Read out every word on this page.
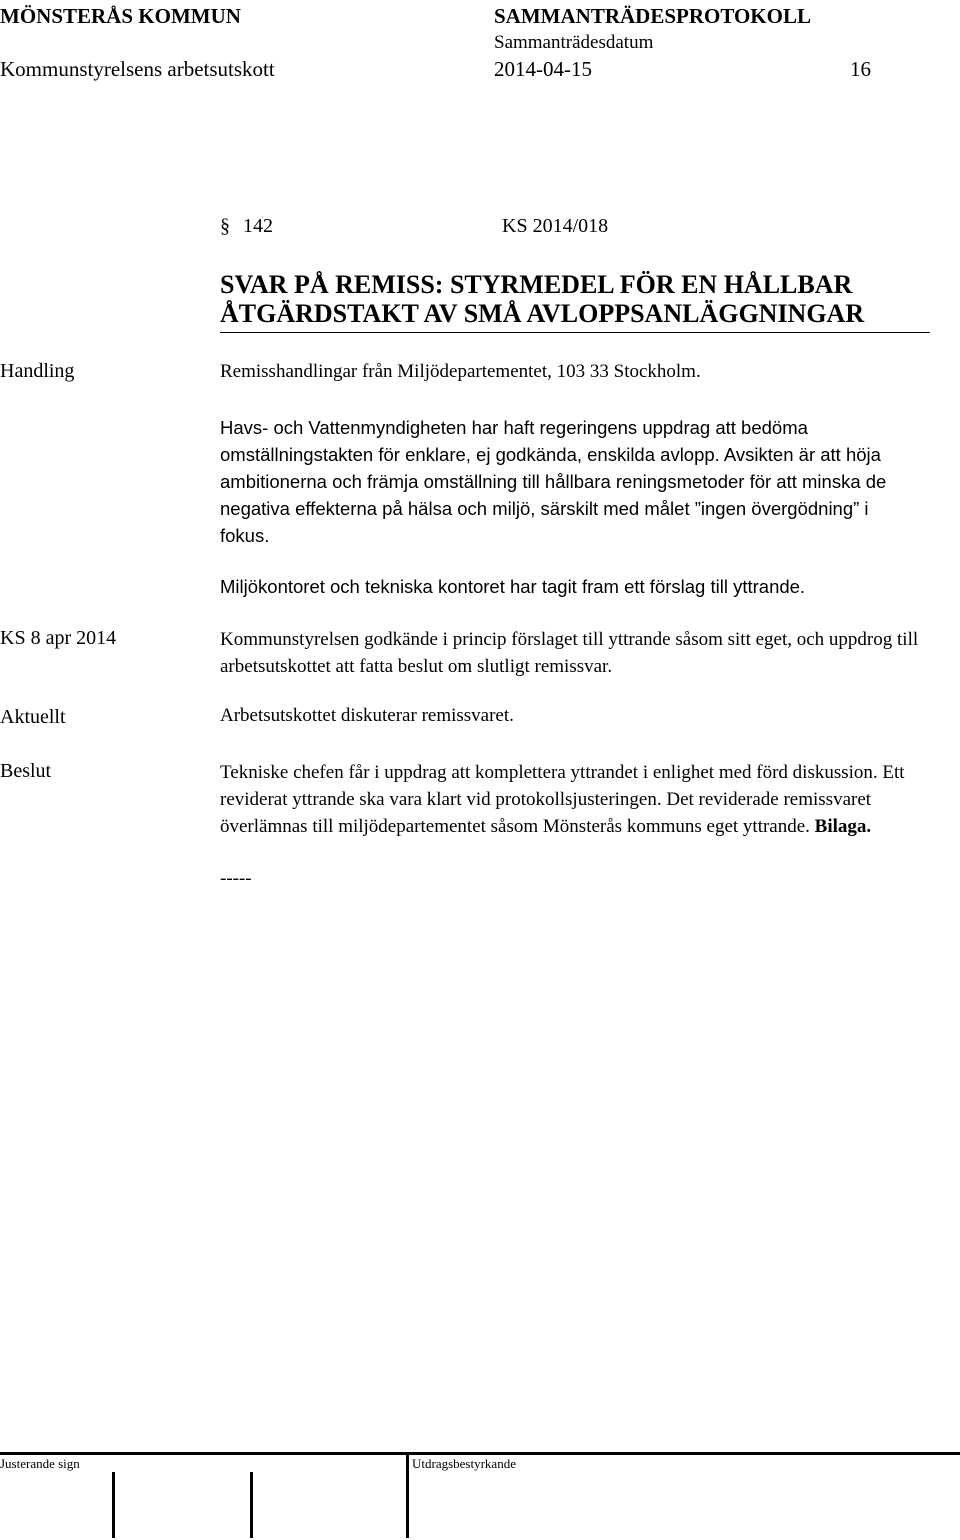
MÖNSTERÅS KOMMUN	SAMMANTRÄDESPROTOKOLL
Sammanträdesdatum
Kommunstyrelsens arbetsutskott	2014-04-15	16
§ 142	KS 2014/018
SVAR PÅ REMISS: STYRMEDEL FÖR EN HÅLLBAR
ÅTGÄRDSTAKT AV SMÅ AVLOPPSANLÄGGNINGAR
Handling	Remisshandlingar från Miljödepartementet, 103 33 Stockholm.
Havs- och Vattenmyndigheten har haft regeringens uppdrag att bedöma omställningstakten för enklare, ej godkända, enskilda avlopp. Avsikten är att höja ambitionerna och främja omställning till hållbara reningsmetoder för att minska de negativa effekterna på hälsa och miljö, särskilt med målet ”ingen övergödning” i fokus.
Miljökontoret och tekniska kontoret har tagit fram ett förslag till yttrande.
KS 8 apr 2014	Kommunstyrelsen godkände i princip förslaget till yttrande såsom sitt eget, och uppdrog till arbetsutskottet att fatta beslut om slutligt remissvar.
Aktuellt	Arbetsutskottet diskuterar remissvaret.
Beslut	Tekniske chefen får i uppdrag att komplettera yttrandet i enlighet med förd diskussion. Ett reviderat yttrande ska vara klart vid protokollsjusteringen. Det reviderade remissvaret överlämnas till miljödepartementet såsom Mönsterås kommuns eget yttrande. Bilaga.
-----
Justerande sign	Utdragsbestyrkande
